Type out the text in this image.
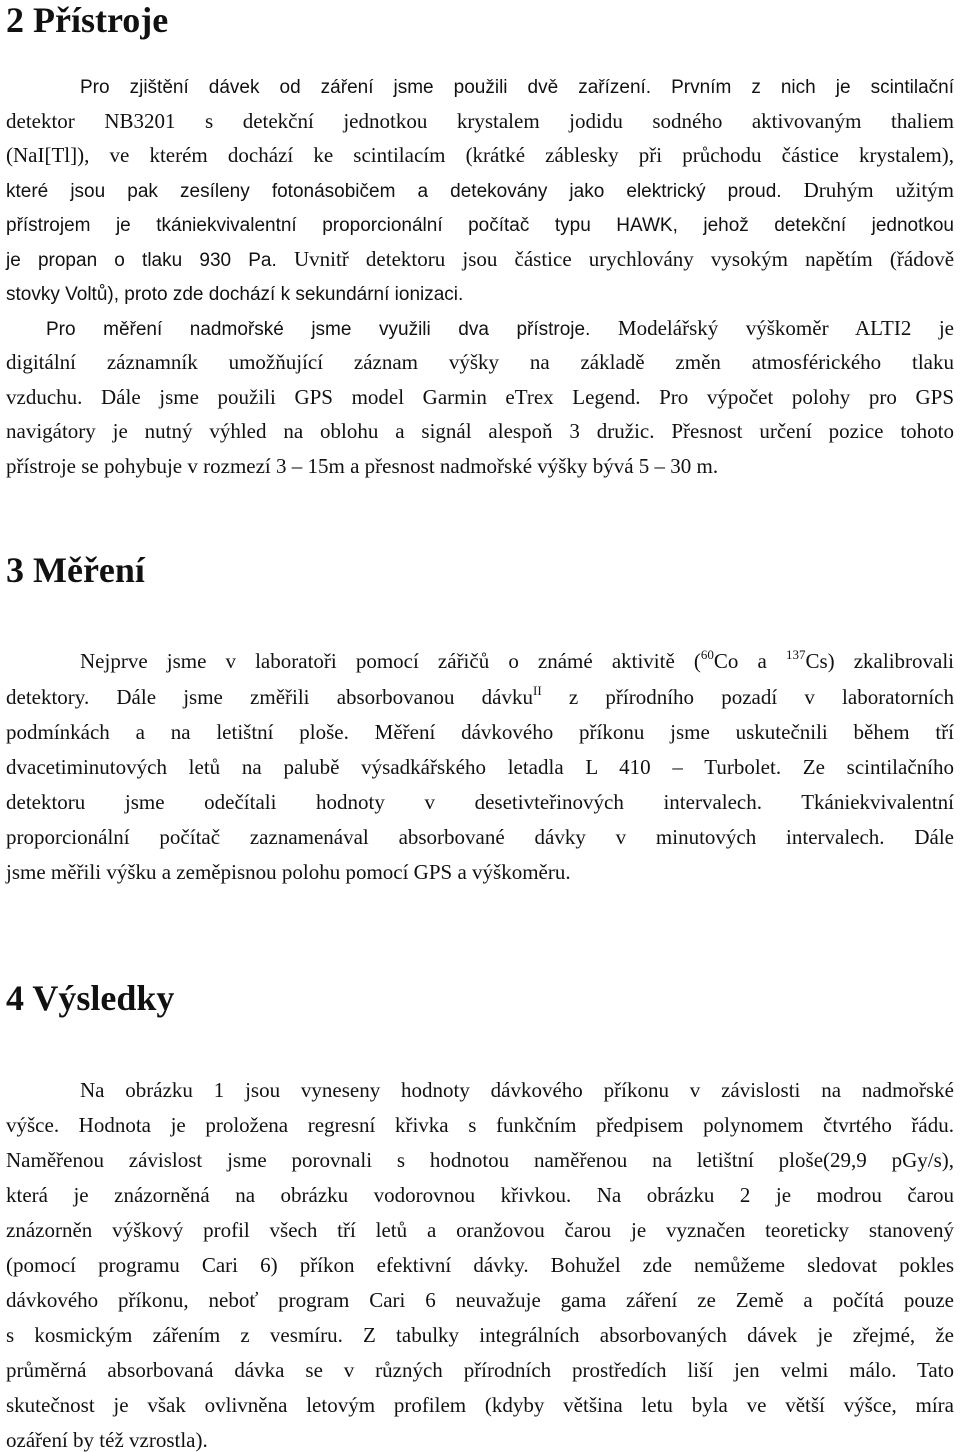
2 Přístroje

Pro zjištění dávek od záření jsme použili dvě zařízení. Prvním z nich je scintilační

detektor NB3201 s detekční jednotkou krystalem jodidu sodného aktivovaným thaliem

(NaI[Tl]), ve kterém dochází ke scintilacím (krátké záblesky při průchodu částice krystalem),

které jsou pak zesíleny fotonásobičem a detekovány jako elektrický proud. Druhým užitým

přístrojem je tkániekvivalentní proporcionální počítač typu HAWK, jehož detekční jednotkou

je propan o tlaku 930 Pa. Uvnitř detektoru jsou částice urychlovány vysokým napětím (řádově

stovky Voltů), proto zde dochází k sekundární ionizaci.

Pro měření nadmořské jsme využili dva přístroje. Modelářský výškoměr ALTI2 je

digitální záznamník umožňující záznam výšky na základě změn atmosférického tlaku

vzduchu. Dále jsme použili GPS model Garmin eTrex Legend. Pro výpočet polohy pro GPS

navigátory je nutný výhled na oblohu a signál alespoň 3 družic. Přesnost určení pozice tohoto

přístroje se pohybuje v rozmezí 3 – 15m a přesnost nadmořské výšky bývá 5 – 30 m.

3 Měření

Nejprve jsme v laboratoři pomocí zářičů o známé aktivitě ($^{60}$Co a $^{137}$Cs) zkalibrovali

detektory. Dále jsme změřili absorbovanou dávku$^{II}$ z přírodního pozadí v laboratorních

podmínkách a na letištní ploše. Měření dávkového příkonu jsme uskutečnili během tří

dvacetiminutových letů na palubě výsadkářského letadla L 410 – Turbolet. Ze scintilačního

detektoru jsme odečítali hodnoty v desetivteřinových intervalech. Tkániekvivalentní

proporcionální počítač zaznamenával absorbované dávky v minutových intervalech. Dále

jsme měřili výšku a zeměpisnou polohu pomocí GPS a výškoměru.

4 Výsledky

Na obrázku 1 jsou vyneseny hodnoty dávkového příkonu v závislosti na nadmořské

výšce. Hodnota je proložena regresní křivka s funkčním předpisem polynomem čtvrtého řádu.

Naměřenou závislost jsme porovnali s hodnotou naměřenou na letištní ploše(29,9 pGy/s),

která je znázorněná na obrázku vodorovnou křivkou. Na obrázku 2 je modrou čarou

znázorněn výškový profil všech tří letů a oranžovou čarou je vyznačen teoreticky stanovený

(pomocí programu Cari 6) příkon efektivní dávky. Bohužel zde nemůžeme sledovat pokles

dávkového příkonu, neboť program Cari 6 neuvažuje gama záření ze Země a počítá pouze

s kosmickým zářením z vesmíru. Z tabulky integrálních absorbovaných dávek je zřejmé, že

průměrná absorbovaná dávka se v různých přírodních prostředích liší jen velmi málo. Tato

skutečnost je však ovlivněna letovým profilem (kdyby většina letu byla ve větší výšce, míra

ozáření by též vzrostla).
